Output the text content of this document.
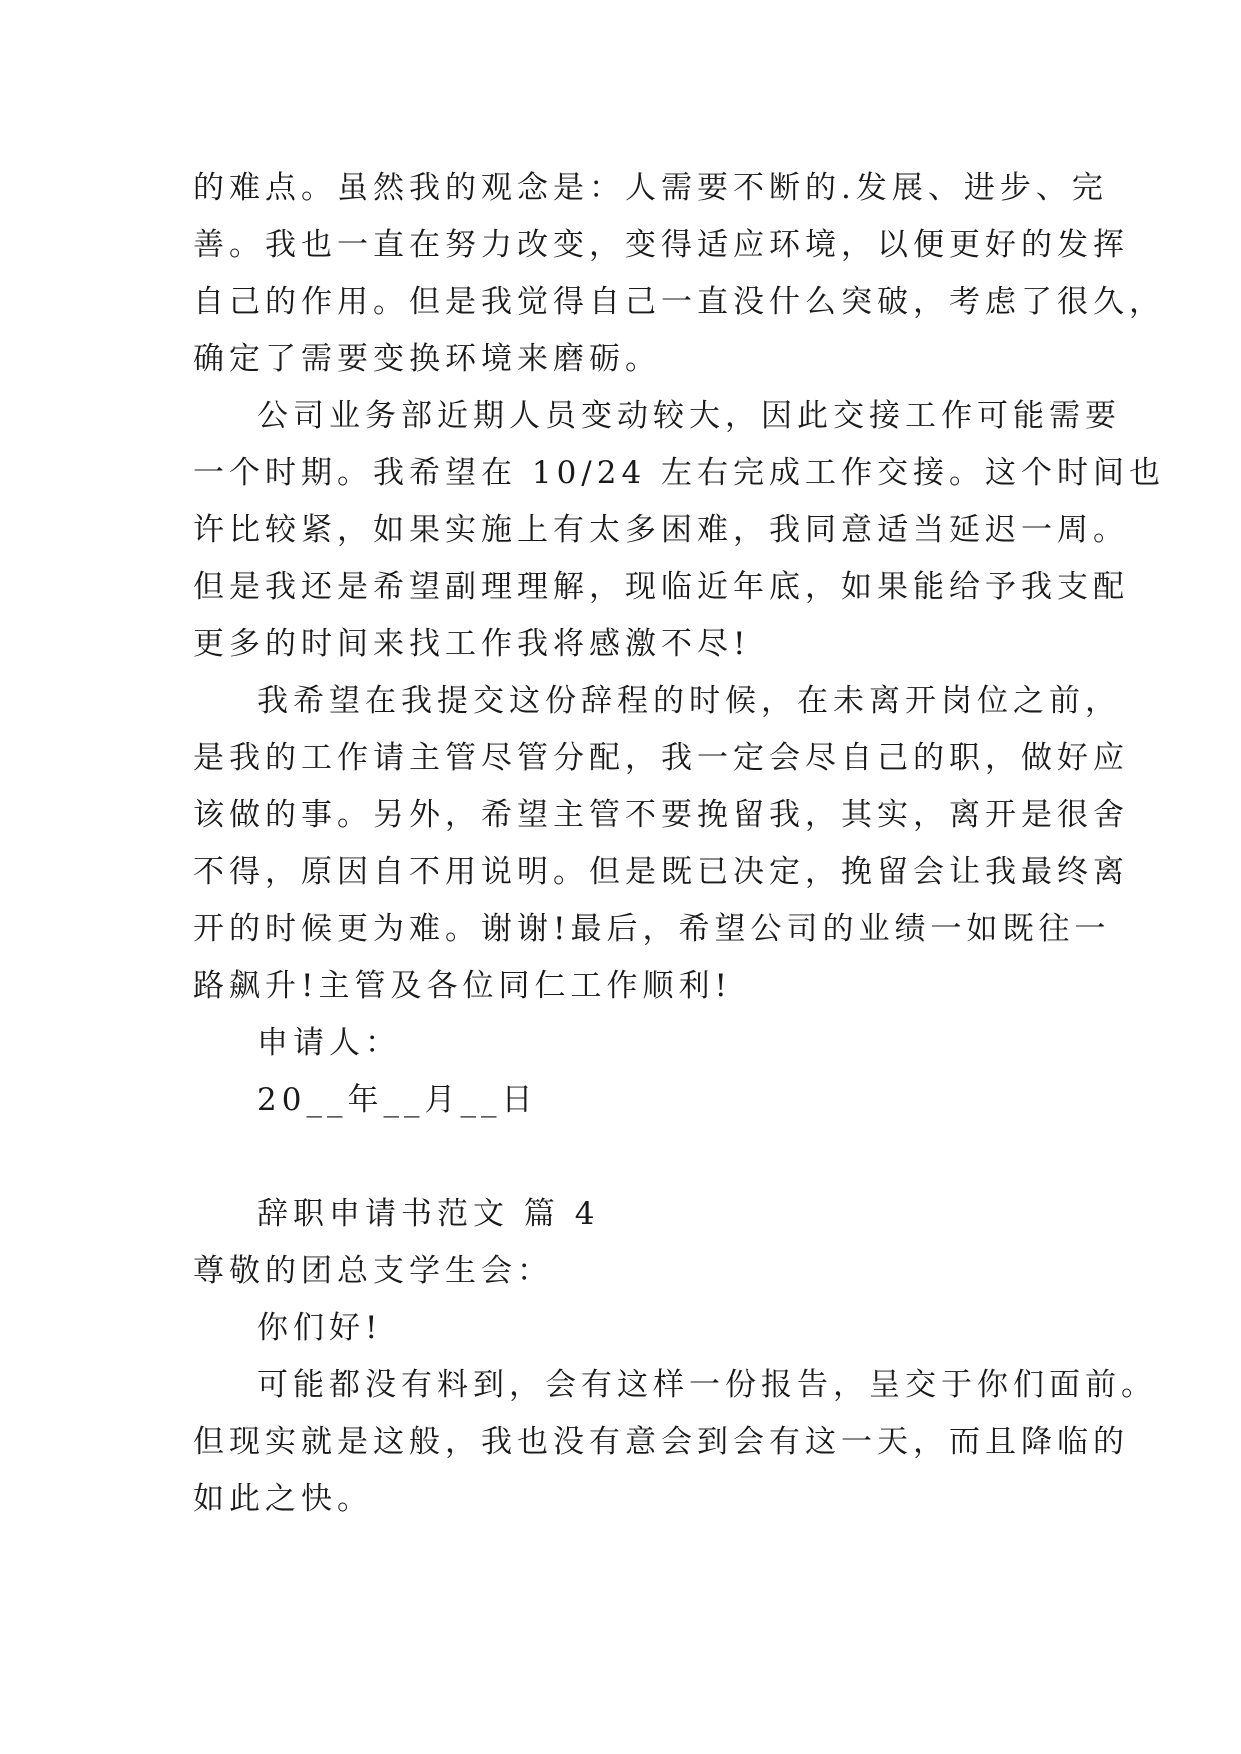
的难点。虽然我的观念是：人需要不断的.发展、进步、完
善。我也一直在努力改变，变得适应环境，以便更好的发挥
自己的作用。但是我觉得自己一直没什么突破，考虑了很久，
确定了需要变换环境来磨砺。
公司业务部近期人员变动较大，因此交接工作可能需要
一个时期。我希望在 10/24 左右完成工作交接。这个时间也
许比较紧，如果实施上有太多困难，我同意适当延迟一周。
但是我还是希望副理理解，现临近年底，如果能给予我支配
更多的时间来找工作我将感激不尽!
我希望在我提交这份辞程的时候，在未离开岗位之前，
是我的工作请主管尽管分配，我一定会尽自己的职，做好应
该做的事。另外，希望主管不要挽留我，其实，离开是很舍
不得，原因自不用说明。但是既已决定，挽留会让我最终离
开的时候更为难。谢谢!最后，希望公司的业绩一如既往一
路飙升!主管及各位同仁工作顺利!
申请人：
20__年__月__日
辞职申请书范文 篇 4
尊敬的团总支学生会：
你们好!
可能都没有料到，会有这样一份报告，呈交于你们面前。
但现实就是这般，我也没有意会到会有这一天，而且降临的
如此之快。
